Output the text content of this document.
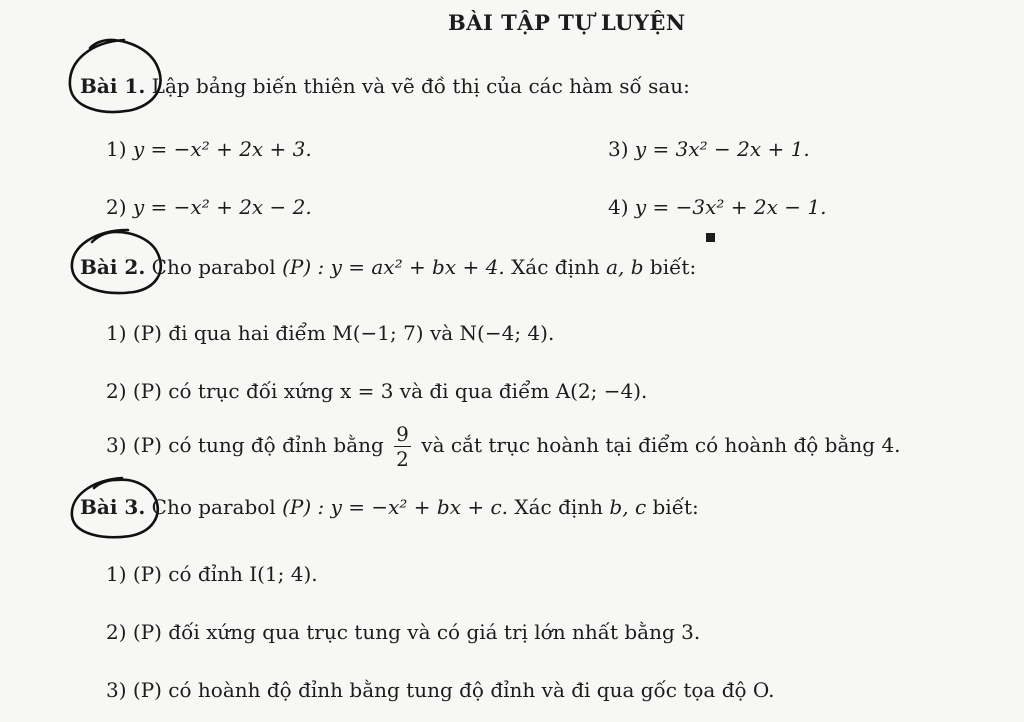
BÀI TẬP TỰ LUYỆN
Bài 1. Lập bảng biến thiên và vẽ đồ thị của các hàm số sau:
1) y = −x² + 2x + 3.	3) y = 3x² − 2x + 1.
2) y = −x² + 2x − 2.	4) y = −3x² + 2x − 1.
Bài 2. Cho parabol (P) : y = ax² + bx + 4. Xác định a, b biết:
1) (P) đi qua hai điểm M(−1; 7) và N(−4; 4).
2) (P) có trục đối xứng x = 3 và đi qua điểm A(2; −4).
3) (P) có tung độ đỉnh bằng $\frac{9}{2}$ và cắt trục hoành tại điểm có hoành độ bằng 4.
Bài 3. Cho parabol (P) : y = −x² + bx + c. Xác định b, c biết:
1) (P) có đỉnh I(1; 4).
2) (P) đối xứng qua trục tung và có giá trị lớn nhất bằng 3.
3) (P) có hoành độ đỉnh bằng tung độ đỉnh và đi qua gốc tọa độ O.
